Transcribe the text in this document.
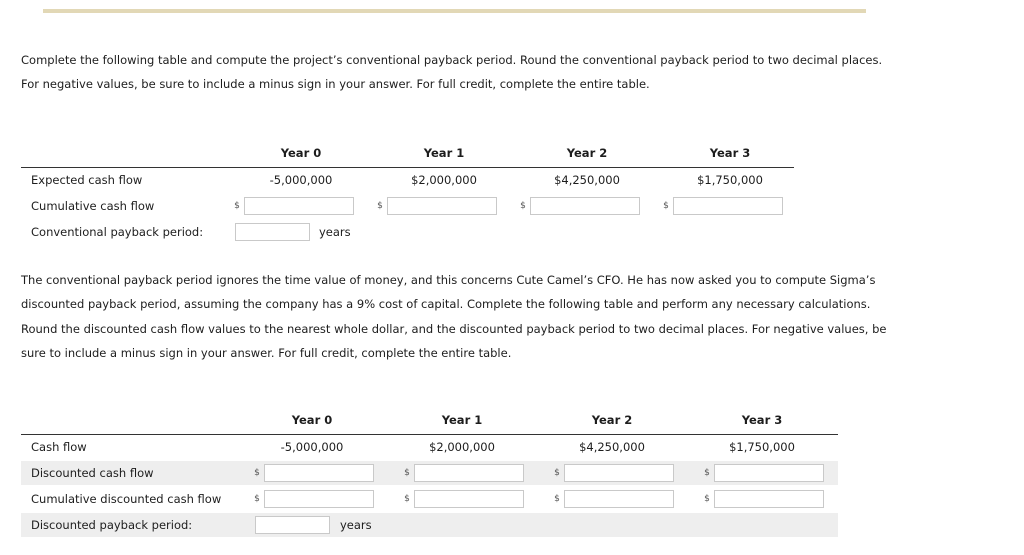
Complete the following table and compute the project’s conventional payback period. Round the conventional payback period to two decimal places.
For negative values, be sure to include a minus sign in your answer. For full credit, complete the entire table.
Year 0	Year 1	Year 2	Year 3
Expected cash flow	-5,000,000	$2,000,000	$4,250,000	$1,750,000
Cumulative cash flow	$	$	$	$
Conventional payback period:	years
The conventional payback period ignores the time value of money, and this concerns Cute Camel’s CFO. He has now asked you to compute Sigma’s
discounted payback period, assuming the company has a 9% cost of capital. Complete the following table and perform any necessary calculations.
Round the discounted cash flow values to the nearest whole dollar, and the discounted payback period to two decimal places. For negative values, be
sure to include a minus sign in your answer. For full credit, complete the entire table.
Year 0	Year 1	Year 2	Year 3
Cash flow	-5,000,000	$2,000,000	$4,250,000	$1,750,000
Discounted cash flow	$	$	$	$
Cumulative discounted cash flow	$	$	$	$
Discounted payback period:	years
